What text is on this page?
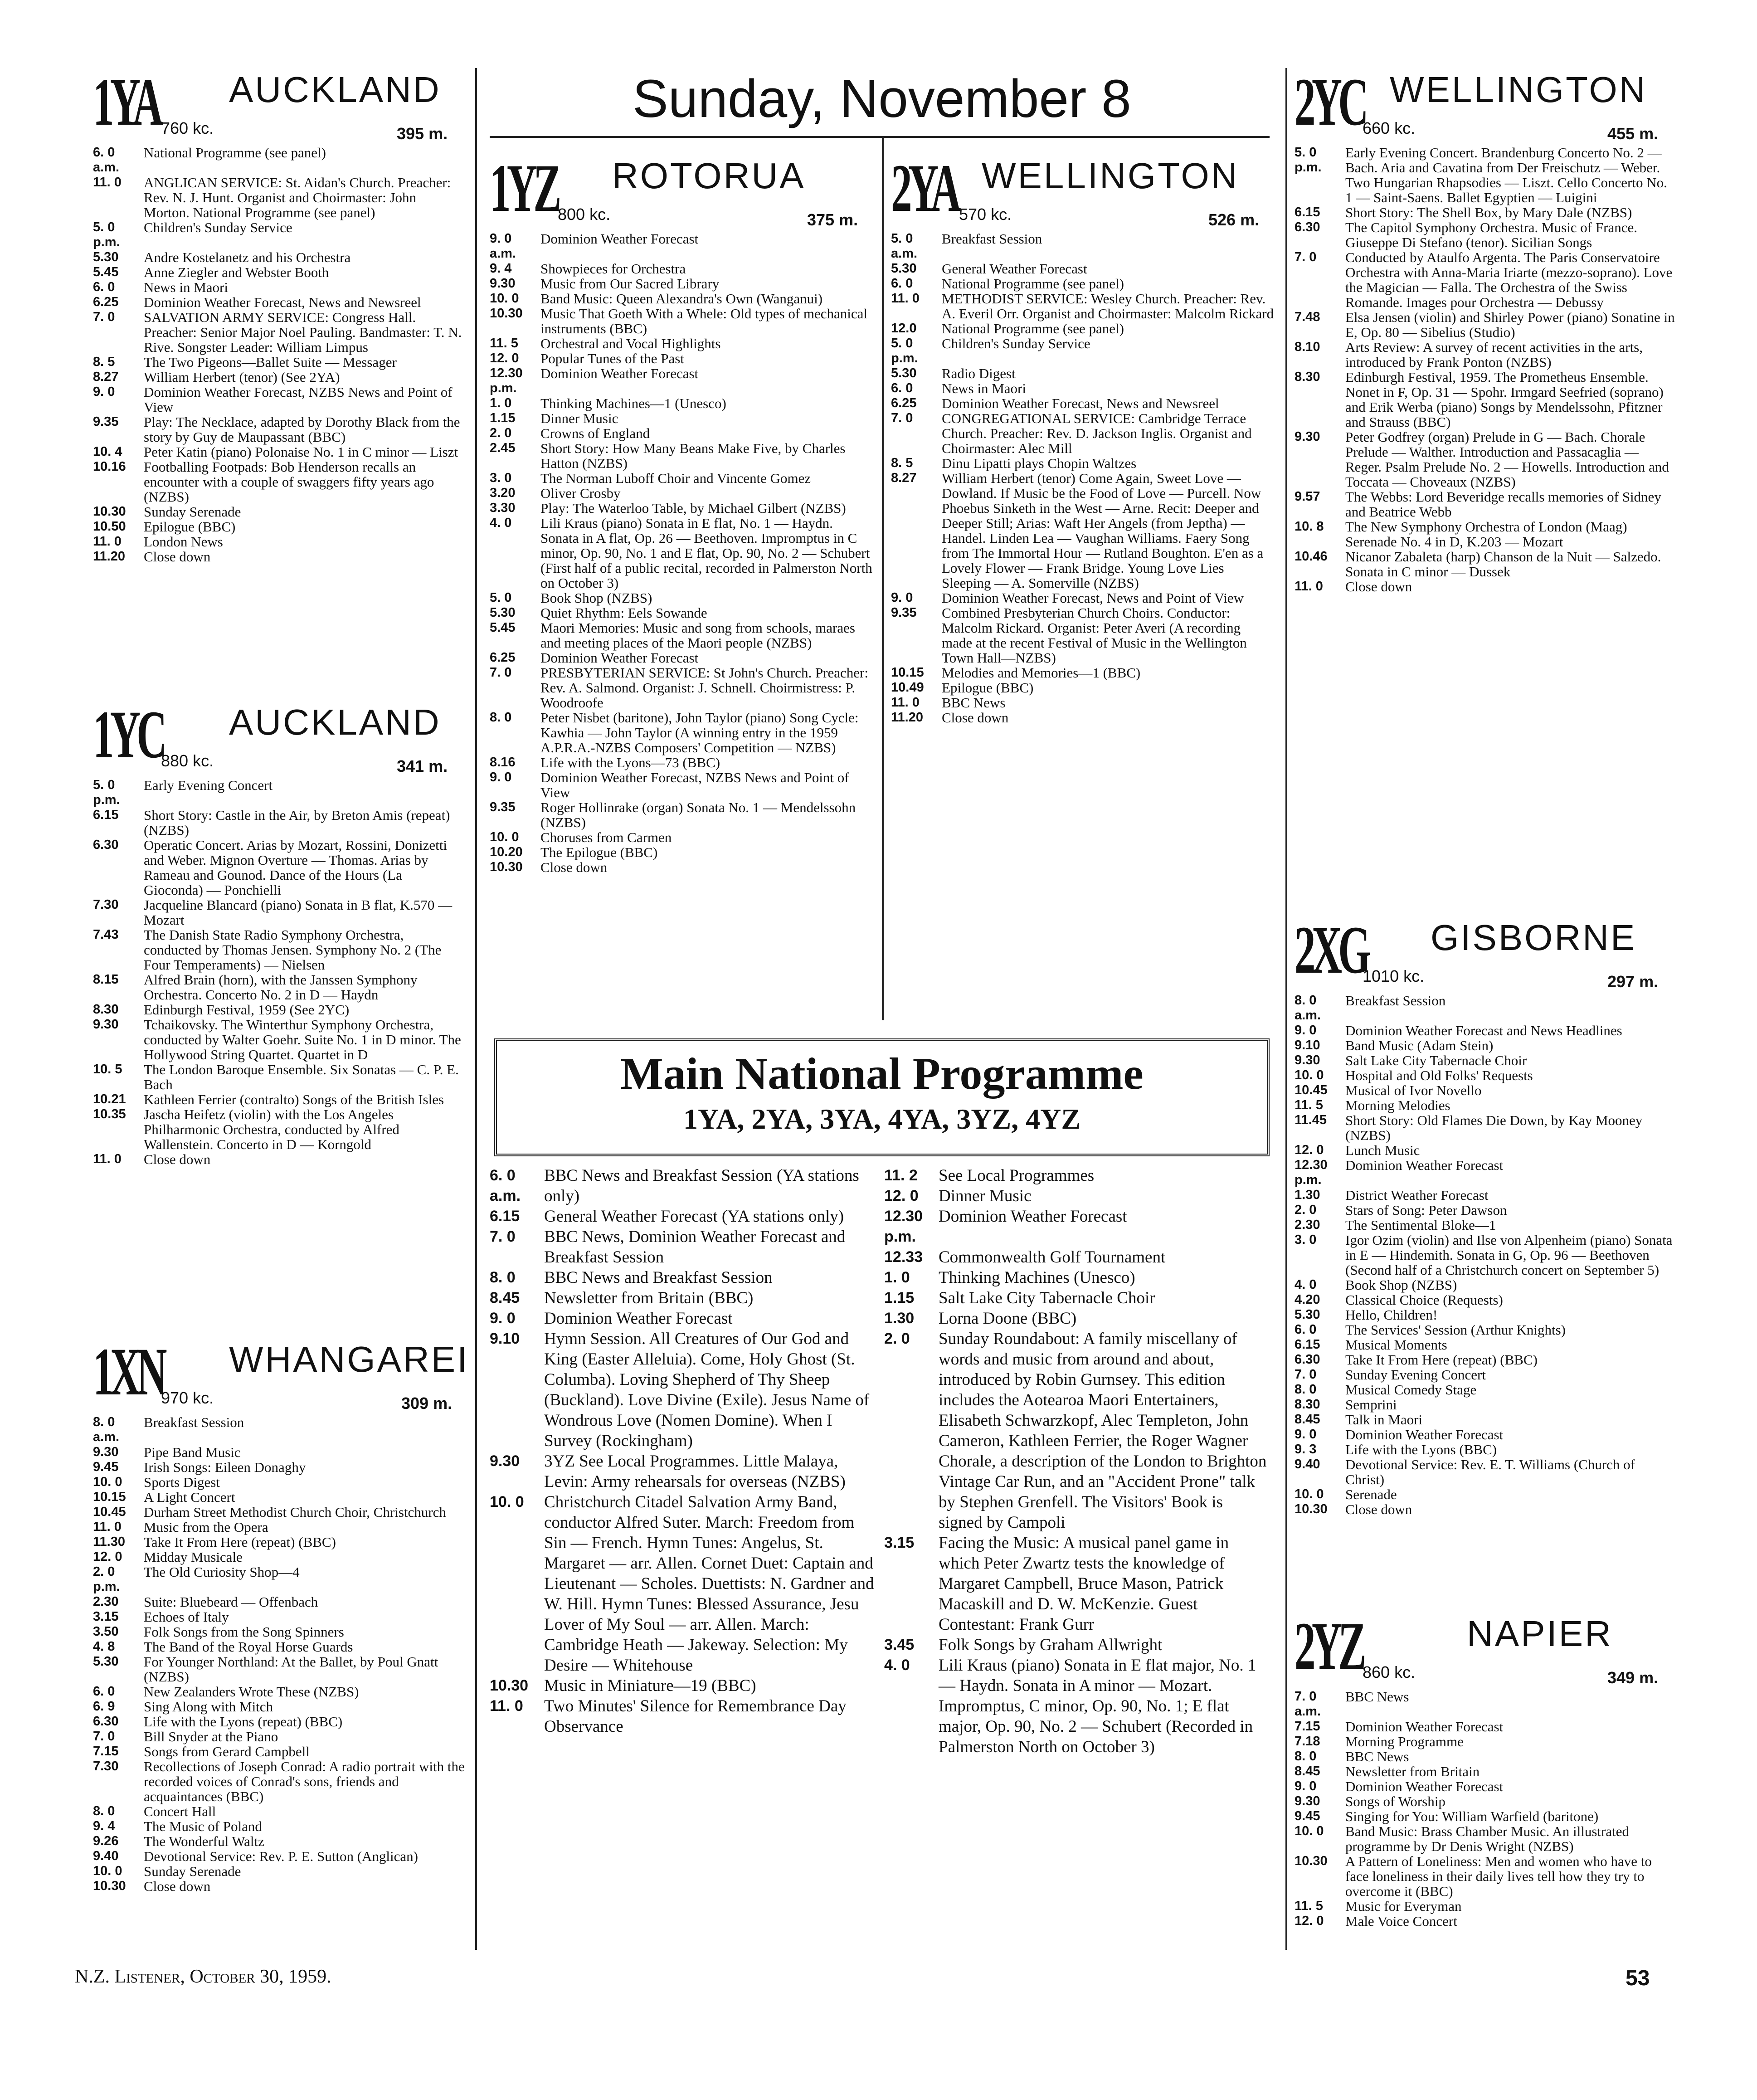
Sunday, November 8
1YA 760 kc.
AUCKLAND
395 m.
6. 0 a.m.
National Programme (see panel)
11. 0	ANGLICAN SERVICE: St. Aidan's Church. Preacher: Rev. N. J. Hunt. Organist and Choirmaster: John Morton. National Programme (see panel)
5. 0 p.m.
Children's Sunday Service
5.30	Andre Kostelanetz and his Orchestra
5.45	Anne Ziegler and Webster Booth
6. 0	News in Maori
6.25	Dominion Weather Forecast, News and Newsreel
7. 0	SALVATION ARMY SERVICE: Congress Hall. Preacher: Senior Major Noel Pauling. Bandmaster: T. N. Rive. Songster Leader: William Limpus
8. 5	The Two Pigeons—Ballet Suite — Messager
8.27	William Herbert (tenor) (See 2YA)
9. 0	Dominion Weather Forecast, NZBS News and Point of View
9.35	Play: The Necklace, adapted by Dorothy Black from the story by Guy de Maupassant (BBC)
10. 4	Peter Katin (piano) Polonaise No. 1 in C minor — Liszt
10.16	Footballing Footpads: Bob Henderson recalls an encounter with a couple of swaggers fifty years ago (NZBS)
10.30	Sunday Serenade
10.50	Epilogue (BBC)
11. 0	London News
11.20	Close down
1YC
880 kc.
AUCKLAND
341 m.
5. 0 p.m.
Early Evening Concert
6.15	Short Story: Castle in the Air, by Breton Amis (repeat) (NZBS)
6.30	Operatic Concert. Arias by Mozart, Rossini, Donizetti and Weber. Mignon Overture — Thomas. Arias by Rameau and Gounod. Dance of the Hours (La Gioconda) — Ponchielli
7.30	Jacqueline Blancard (piano) Sonata in B flat, K.570 — Mozart
7.43	The Danish State Radio Symphony Orchestra, conducted by Thomas Jensen. Symphony No. 2 (The Four Temperaments) — Nielsen
8.15	Alfred Brain (horn), with the Janssen Symphony Orchestra. Concerto No. 2 in D — Haydn
8.30	Edinburgh Festival, 1959 (See 2YC)
9.30	Tchaikovsky. The Winterthur Symphony Orchestra, conducted by Walter Goehr. Suite No. 1 in D minor. The Hollywood String Quartet. Quartet in D
10. 5	The London Baroque Ensemble. Six Sonatas — C. P. E. Bach
10.21	Kathleen Ferrier (contralto) Songs of the British Isles
10.35	Jascha Heifetz (violin) with the Los Angeles Philharmonic Orchestra, conducted by Alfred Wallenstein. Concerto in D — Korngold
11. 0	Close down
1XN
970 kc.
WHANGAREI
309 m.
8. 0 a.m.
Breakfast Session
9.30	Pipe Band Music
9.45	Irish Songs: Eileen Donaghy
10. 0	Sports Digest
10.15	A Light Concert
10.45	Durham Street Methodist Church Choir, Christchurch
11. 0	Music from the Opera
11.30	Take It From Here (repeat) (BBC)
12. 0	Midday Musicale
2. 0 p.m.
The Old Curiosity Shop—4
2.30	Suite: Bluebeard — Offenbach
3.15	Echoes of Italy
3.50	Folk Songs from the Song Spinners
4. 8	The Band of the Royal Horse Guards
5.30	For Younger Northland: At the Ballet, by Poul Gnatt (NZBS)
6. 0	New Zealanders Wrote These (NZBS)
6. 9	Sing Along with Mitch
6.30	Life with the Lyons (repeat) (BBC)
7. 0	Bill Snyder at the Piano
7.15	Songs from Gerard Campbell
7.30	Recollections of Joseph Conrad: A radio portrait with the recorded voices of Conrad's sons, friends and acquaintances (BBC)
8. 0	Concert Hall
9. 4	The Music of Poland
9.26	The Wonderful Waltz
9.40	Devotional Service: Rev. P. E. Sutton (Anglican)
10. 0	Sunday Serenade
10.30	Close down
1YZ 800 kc.
ROTORUA
375 m.
9. 0 a.m.
Dominion Weather Forecast
9. 4	Showpieces for Orchestra
9.30	Music from Our Sacred Library
10. 0	Band Music: Queen Alexandra's Own (Wanganui)
10.30	Music That Goeth With a Whele: Old types of mechanical instruments (BBC)
11. 5	Orchestral and Vocal Highlights
12. 0	Popular Tunes of the Past
12.30 p.m.
Dominion Weather Forecast
1. 0	Thinking Machines—1 (Unesco)
1.15	Dinner Music
2. 0	Crowns of England
2.45	Short Story: How Many Beans Make Five, by Charles Hatton (NZBS)
3. 0	The Norman Luboff Choir and Vincente Gomez
3.20	Oliver Crosby
3.30	Play: The Waterloo Table, by Michael Gilbert (NZBS)
4. 0	Lili Kraus (piano) Sonata in E flat, No. 1 — Haydn. Sonata in A flat, Op. 26 — Beethoven. Impromptus in C minor, Op. 90, No. 1 and E flat, Op. 90, No. 2 — Schubert (First half of a public recital, recorded in Palmerston North on October 3)
5. 0	Book Shop (NZBS)
5.30	Quiet Rhythm: Eels Sowande
5.45	Maori Memories: Music and song from schools, maraes and meeting places of the Maori people (NZBS)
6.25	Dominion Weather Forecast
7. 0	PRESBYTERIAN SERVICE: St John's Church. Preacher: Rev. A. Salmond. Organist: J. Schnell. Choirmistress: P. Woodroofe
8. 0	Peter Nisbet (baritone), John Taylor (piano) Song Cycle: Kawhia — John Taylor (A winning entry in the 1959 A.P.R.A.-NZBS Composers' Competition — NZBS)
8.16	Life with the Lyons—73 (BBC)
9. 0	Dominion Weather Forecast, NZBS News and Point of View
9.35	Roger Hollinrake (organ) Sonata No. 1 — Mendelssohn (NZBS)
10. 0	Choruses from Carmen
10.20	The Epilogue (BBC)
10.30	Close down
2YA 570 kc.
WELLINGTON
526 m.
5. 0 a.m.
Breakfast Session
5.30	General Weather Forecast
6. 0	National Programme (see panel)
11. 0	METHODIST SERVICE: Wesley Church. Preacher: Rev. A. Everil Orr. Organist and Choirmaster: Malcolm Rickard
12.0	National Programme (see panel)
5. 0 p.m.
Children's Sunday Service
5.30	Radio Digest
6. 0	News in Maori
6.25	Dominion Weather Forecast, News and Newsreel
7. 0	CONGREGATIONAL SERVICE: Cambridge Terrace Church. Preacher: Rev. D. Jackson Inglis. Organist and Choirmaster: Alec Mill
8. 5	Dinu Lipatti plays Chopin Waltzes
8.27	William Herbert (tenor) Come Again, Sweet Love — Dowland. If Music be the Food of Love — Purcell. Now Phoebus Sinketh in the West — Arne. Recit: Deeper and Deeper Still; Arias: Waft Her Angels (from Jeptha) — Handel. Linden Lea — Vaughan Williams. Faery Song from The Immortal Hour — Rutland Boughton. E'en as a Lovely Flower — Frank Bridge. Young Love Lies Sleeping — A. Somerville (NZBS)
9. 0	Dominion Weather Forecast, News and Point of View
9.35	Combined Presbyterian Church Choirs. Conductor: Malcolm Rickard. Organist: Peter Averi (A recording made at the recent Festival of Music in the Wellington Town Hall—NZBS)
10.15	Melodies and Memories—1 (BBC)
10.49	Epilogue (BBC)
11. 0	BBC News
11.20	Close down
Main National Programme
1YA, 2YA, 3YA, 4YA, 3YZ, 4YZ
6. 0 a.m.
BBC News and Breakfast Session (YA stations only)
6.15	General Weather Forecast (YA stations only)
7. 0	BBC News, Dominion Weather Forecast and Breakfast Session
8. 0	BBC News and Breakfast Session
8.45	Newsletter from Britain (BBC)
9. 0	Dominion Weather Forecast
9.10	Hymn Session. All Creatures of Our God and King (Easter Alleluia). Come, Holy Ghost (St. Columba). Loving Shepherd of Thy Sheep (Buckland). Love Divine (Exile). Jesus Name of Wondrous Love (Nomen Domine). When I Survey (Rockingham)
9.30	3YZ See Local Programmes. Little Malaya, Levin: Army rehearsals for overseas (NZBS)
10. 0	Christchurch Citadel Salvation Army Band, conductor Alfred Suter. March: Freedom from Sin — French. Hymn Tunes: Angelus, St. Margaret — arr. Allen. Cornet Duet: Captain and Lieutenant — Scholes. Duettists: N. Gardner and W. Hill. Hymn Tunes: Blessed Assurance, Jesu Lover of My Soul — arr. Allen. March: Cambridge Heath — Jakeway. Selection: My Desire — Whitehouse
10.30 Music in Miniature—19 (BBC)
11. 0	Two Minutes' Silence for Remembrance Day Observance
11. 2	See Local Programmes
12. 0	Dinner Music
12.30 p.m.
Dominion Weather Forecast
12.33 Commonwealth Golf Tournament
1. 0	Thinking Machines (Unesco)
1.15	Salt Lake City Tabernacle Choir
1.30	Lorna Doone (BBC)
2. 0	Sunday Roundabout: A family miscellany of words and music from around and about, introduced by Robin Gurnsey. This edition includes the Aotearoa Maori Entertainers, Elisabeth Schwarzkopf, Alec Templeton, John Cameron, Kathleen Ferrier, the Roger Wagner Chorale, a description of the London to Brighton Vintage Car Run, and an "Accident Prone" talk by Stephen Grenfell. The Visitors' Book is signed by Campoli
3.15	Facing the Music: A musical panel game in which Peter Zwartz tests the knowledge of Margaret Campbell, Bruce Mason, Patrick Macaskill and D. W. McKenzie. Guest Contestant: Frank Gurr
3.45	Folk Songs by Graham Allwright
4. 0	Lili Kraus (piano) Sonata in E flat major, No. 1 — Haydn. Sonata in A minor — Mozart. Impromptus, C minor, Op. 90, No. 1; E flat major, Op. 90, No. 2 — Schubert (Recorded in Palmerston North on October 3)
2YC
660 kc.
WELLINGTON
455 m.
5. 0 p.m.
Early Evening Concert. Brandenburg Concerto No. 2 — Bach. Aria and Cavatina from Der Freischutz — Weber. Two Hungarian Rhapsodies — Liszt. Cello Concerto No. 1 — Saint-Saens. Ballet Egyptien — Luigini
6.15	Short Story: The Shell Box, by Mary Dale (NZBS)
6.30	The Capitol Symphony Orchestra. Music of France. Giuseppe Di Stefano (tenor). Sicilian Songs
7. 0	Conducted by Ataulfo Argenta. The Paris Conservatoire Orchestra with Anna-Maria Iriarte (mezzo-soprano). Love the Magician — Falla. The Orchestra of the Swiss Romande. Images pour Orchestra — Debussy
7.48	Elsa Jensen (violin) and Shirley Power (piano) Sonatine in E, Op. 80 — Sibelius (Studio)
8.10	Arts Review: A survey of recent activities in the arts, introduced by Frank Ponton (NZBS)
8.30	Edinburgh Festival, 1959. The Prometheus Ensemble. Nonet in F, Op. 31 — Spohr. Irmgard Seefried (soprano) and Erik Werba (piano) Songs by Mendelssohn, Pfitzner and Strauss (BBC)
9.30	Peter Godfrey (organ) Prelude in G — Bach. Chorale Prelude — Walther. Introduction and Passacaglia — Reger. Psalm Prelude No. 2 — Howells. Introduction and Toccata — Choveaux (NZBS)
9.57	The Webbs: Lord Beveridge recalls memories of Sidney and Beatrice Webb
10. 8	The New Symphony Orchestra of London (Maag) Serenade No. 4 in D, K.203 — Mozart
10.46	Nicanor Zabaleta (harp) Chanson de la Nuit — Salzedo. Sonata in C minor — Dussek
11. 0	Close down
2XG
1010 kc.
GISBORNE
297 m.
8. 0 a.m.
Breakfast Session
9. 0	Dominion Weather Forecast and News Headlines
9.10	Band Music (Adam Stein)
9.30	Salt Lake City Tabernacle Choir
10. 0	Hospital and Old Folks' Requests
10.45	Musical of Ivor Novello
11. 5	Morning Melodies
11.45	Short Story: Old Flames Die Down, by Kay Mooney (NZBS)
12. 0	Lunch Music
12.30 p.m.
Dominion Weather Forecast
1.30	District Weather Forecast
2. 0	Stars of Song: Peter Dawson
2.30	The Sentimental Bloke—1
3. 0	Igor Ozim (violin) and Ilse von Alpenheim (piano) Sonata in E — Hindemith. Sonata in G, Op. 96 — Beethoven (Second half of a Christchurch concert on September 5)
4. 0	Book Shop (NZBS)
4.20	Classical Choice (Requests)
5.30	Hello, Children!
6. 0	The Services' Session (Arthur Knights)
6.15	Musical Moments
6.30	Take It From Here (repeat) (BBC)
7. 0	Sunday Evening Concert
8. 0	Musical Comedy Stage
8.30	Semprini
8.45	Talk in Maori
9. 0	Dominion Weather Forecast
9. 3	Life with the Lyons (BBC)
9.40	Devotional Service: Rev. E. T. Williams (Church of Christ)
10. 0	Serenade
10.30	Close down
2YZ 860 kc.
NAPIER
349 m.
7. 0 a.m.
BBC News
7.15	Dominion Weather Forecast
7.18	Morning Programme
8. 0	BBC News
8.45	Newsletter from Britain
9. 0	Dominion Weather Forecast
9.30	Songs of Worship
9.45	Singing for You: William Warfield (baritone)
10. 0	Band Music: Brass Chamber Music. An illustrated programme by Dr Denis Wright (NZBS)
10.30	A Pattern of Loneliness: Men and women who have to face loneliness in their daily lives tell how they try to overcome it (BBC)
11. 5	Music for Everyman
12. 0	Male Voice Concert
N.Z. Listener, October 30, 1959.	53
